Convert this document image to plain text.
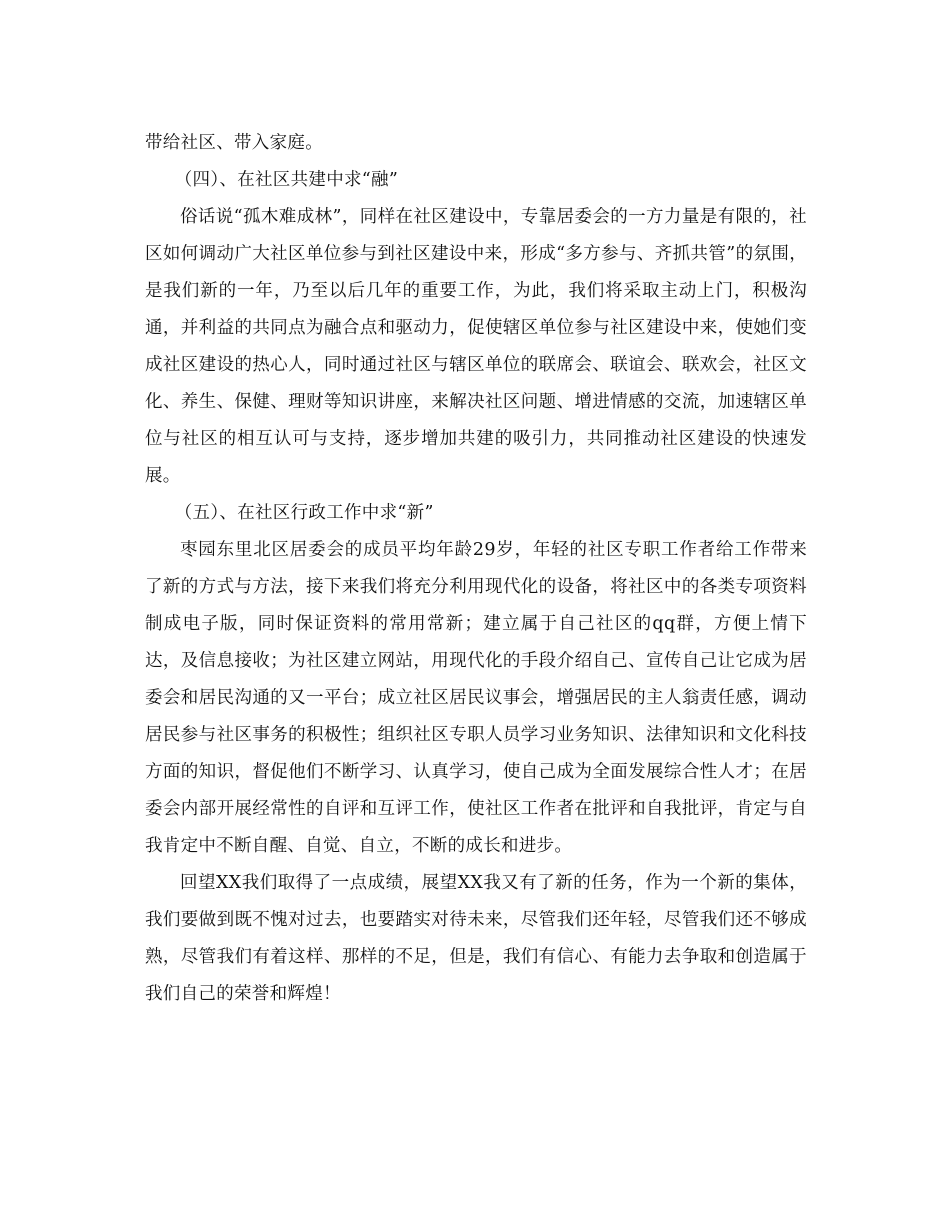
带给社区、带入家庭。

（四）、在社区共建中求“融”

俗话说“孤木难成林”，同样在社区建设中，专靠居委会的一方力量是有限的，社区如何调动广大社区单位参与到社区建设中来，形成“多方参与、齐抓共管”的氛围，是我们新的一年，乃至以后几年的重要工作，为此，我们将采取主动上门，积极沟通，并利益的共同点为融合点和驱动力，促使辖区单位参与社区建设中来，使她们变成社区建设的热心人，同时通过社区与辖区单位的联席会、联谊会、联欢会，社区文化、养生、保健、理财等知识讲座，来解决社区问题、增进情感的交流，加速辖区单位与社区的相互认可与支持，逐步增加共建的吸引力，共同推动社区建设的快速发展。

（五）、在社区行政工作中求“新”

枣园东里北区居委会的成员平均年龄29岁，年轻的社区专职工作者给工作带来了新的方式与方法，接下来我们将充分利用现代化的设备，将社区中的各类专项资料制成电子版，同时保证资料的常用常新；建立属于自己社区的qq群，方便上情下达，及信息接收；为社区建立网站，用现代化的手段介绍自己、宣传自己让它成为居委会和居民沟通的又一平台；成立社区居民议事会，增强居民的主人翁责任感，调动居民参与社区事务的积极性；组织社区专职人员学习业务知识、法律知识和文化科技方面的知识，督促他们不断学习、认真学习，使自己成为全面发展综合性人才；在居委会内部开展经常性的自评和互评工作，使社区工作者在批评和自我批评，肯定与自我肯定中不断自醒、自觉、自立，不断的成长和进步。

回望XX我们取得了一点成绩，展望XX我又有了新的任务，作为一个新的集体，我们要做到既不愧对过去，也要踏实对待未来，尽管我们还年轻，尽管我们还不够成熟，尽管我们有着这样、那样的不足，但是，我们有信心、有能力去争取和创造属于我们自己的荣誉和辉煌！
